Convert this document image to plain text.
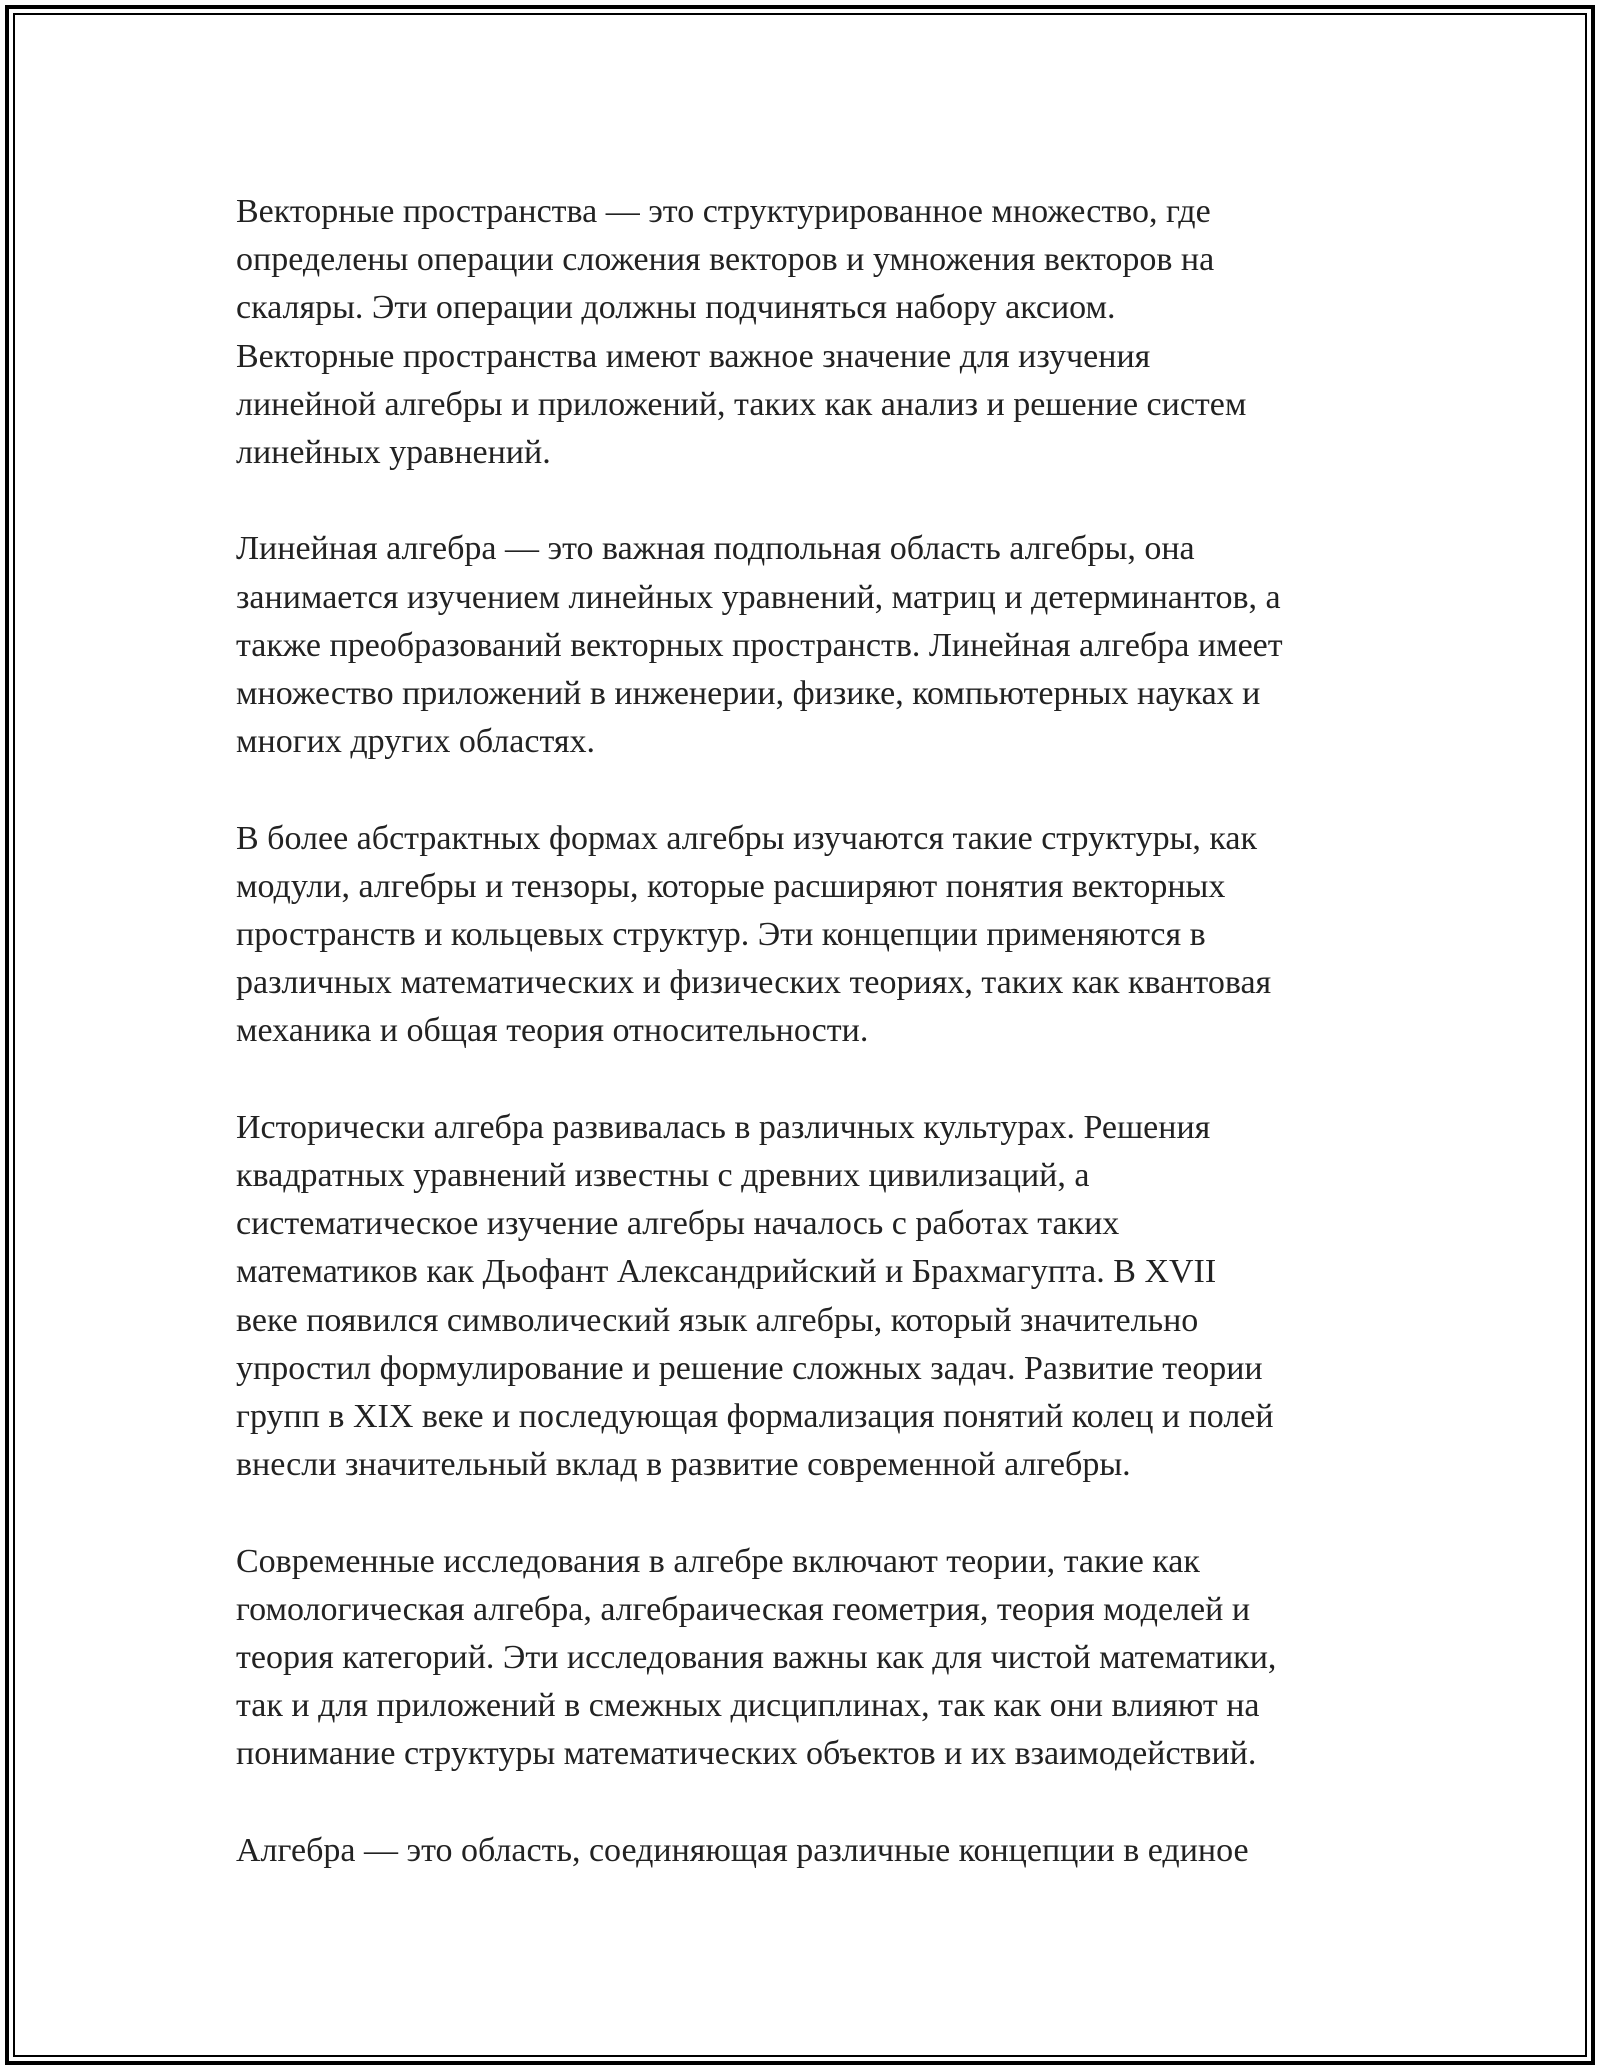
Векторные пространства — это структурированное множество, где
определены операции сложения векторов и умножения векторов на
скаляры. Эти операции должны подчиняться набору аксиом.
Векторные пространства имеют важное значение для изучения
линейной алгебры и приложений, таких как анализ и решение систем
линейных уравнений.

Линейная алгебра — это важная подпольная область алгебры, она
занимается изучением линейных уравнений, матриц и детерминантов, а
также преобразований векторных пространств. Линейная алгебра имеет
множество приложений в инженерии, физике, компьютерных науках и
многих других областях.

В более абстрактных формах алгебры изучаются такие структуры, как
модули, алгебры и тензоры, которые расширяют понятия векторных
пространств и кольцевых структур. Эти концепции применяются в
различных математических и физических теориях, таких как квантовая
механика и общая теория относительности.

Исторически алгебра развивалась в различных культурах. Решения
квадратных уравнений известны с древних цивилизаций, а
систематическое изучение алгебры началось с работах таких
математиков как Дьофант Александрийский и Брахмагупта. В XVII
веке появился символический язык алгебры, который значительно
упростил формулирование и решение сложных задач. Развитие теории
групп в XIX веке и последующая формализация понятий колец и полей
внесли значительный вклад в развитие современной алгебры.

Современные исследования в алгебре включают теории, такие как
гомологическая алгебра, алгебраическая геометрия, теория моделей и
теория категорий. Эти исследования важны как для чистой математики,
так и для приложений в смежных дисциплинах, так как они влияют на
понимание структуры математических объектов и их взаимодействий.

Алгебра — это область, соединяющая различные концепции в единое
